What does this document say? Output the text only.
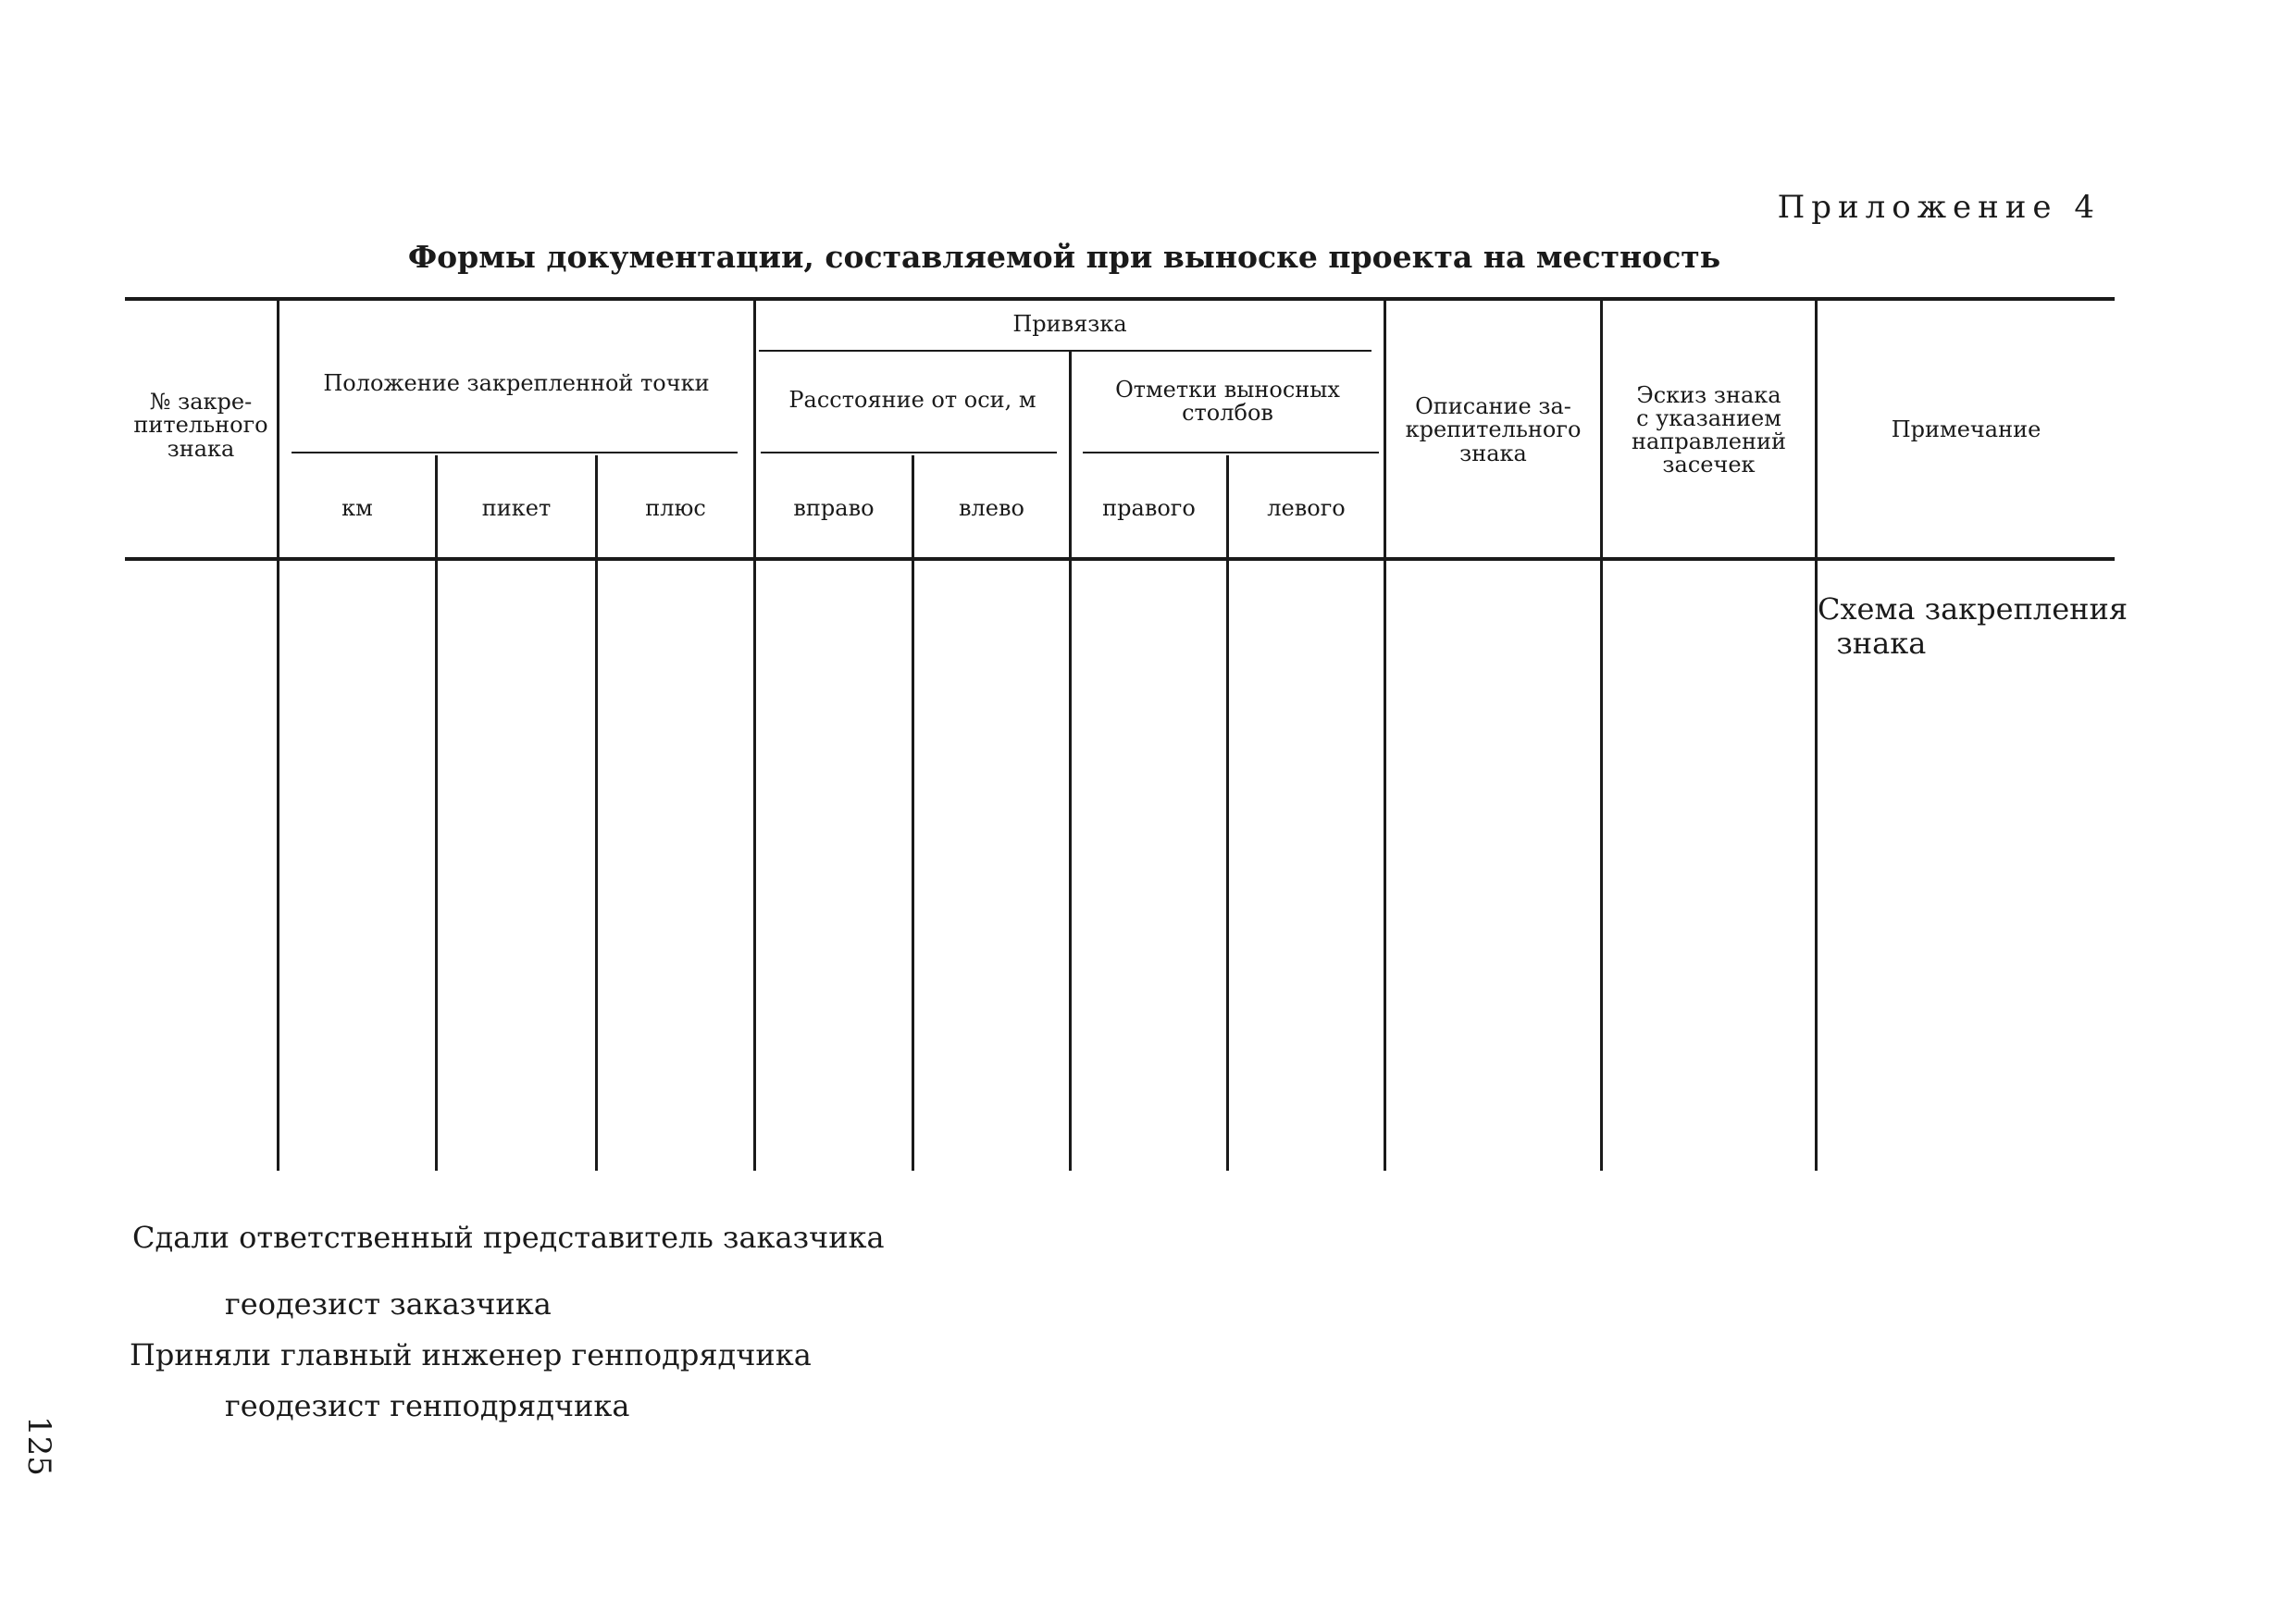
Приложение 4
Формы документации, составляемой при выноске проекта на местность
№ закре-
пительного
знака
Положение закрепленной точки
км	пикет	плюс
Привязка
Расстояние от оси, м
вправо	влево
Отметки выносных
столбов
правого	левого
Описание за-
крепительного
знака
Эскиз знака
с указанием
направлений
засечек
Примечание
Схема закрепления
знака
Сдали ответственный представитель заказчика
геодезист заказчика
Приняли главный инженер генподрядчика
геодезист генподрядчика
125
